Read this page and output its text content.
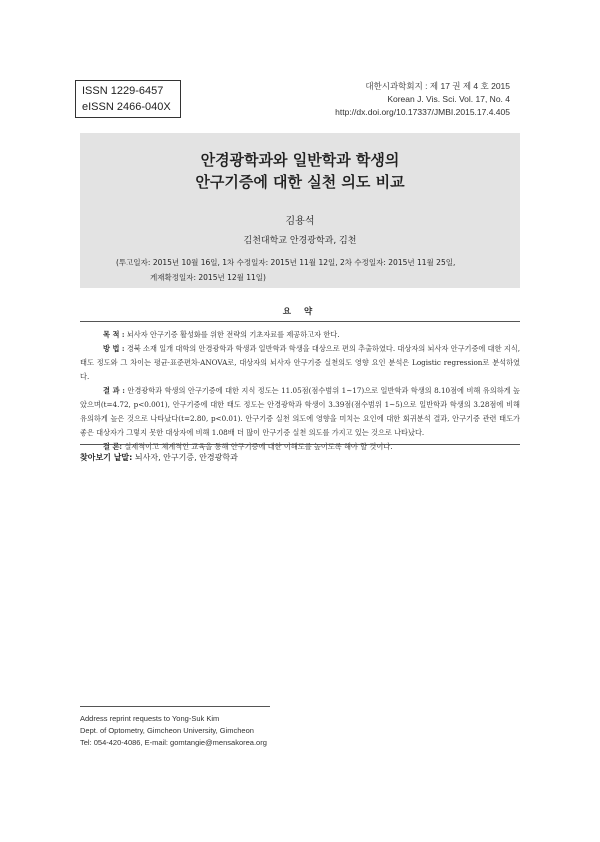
ISSN 1229-6457
eISSN 2466-040X
대한시과학회지 : 제 17 권 제 4 호 2015
Korean J. Vis. Sci. Vol. 17, No. 4
http://dx.doi.org/10.17337/JMBI.2015.17.4.405
안경광학과와 일반학과 학생의
안구기증에 대한 실천 의도 비교
김용석
김천대학교 안경광학과, 김천
(투고일자: 2015년 10월 16일, 1차 수정일자: 2015년 11월 12일, 2차 수정일자: 2015년 11월 25일,
게재확정일자: 2015년 12월 11일)
요 약

목 적 : 뇌사자 안구기증 활성화를 위한 전략의 기초자료를 제공하고자 한다.

방 법 : 경북 소재 일개 대학의 안경광학과 학생과 일반학과 학생을 대상으로 편의 추출하였다. 대상자의 뇌사자 안구기증에 대한 지식, 태도 정도와 그 차이는 평균·표준편차·ANOVA로, 대상자의 뇌사자 안구기증 실천의도 영향 요인 분석은 Logistic regression로 분석하였다.

결 과 : 안경광학과 학생의 안구기증에 대한 지식 정도는 11.05점(점수범위 1~17)으로 일반학과 학생의 8.10점에 비해 유의하게 높았으며(t=4.72, p<0.001), 안구기증에 대한 태도 정도는 안경광학과 학생이 3.39점(점수범위 1~5)으로 일반학과 학생의 3.28점에 비해 유의하게 높은 것으로 나타났다(t=2.80, p<0.01). 안구기증 실천 의도에 영향을 미치는 요인에 대한 회귀분석 결과, 안구기증 관련 태도가 좋은 대상자가 그렇지 못한 대상자에 비해 1.08배 더 많이 안구기증 실천 의도를 가지고 있는 것으로 나타났다.

결 론: 실제적이고 체계적인 교육을 통해 안구기증에 대한 이해도를 높이도록 해야 할 것이다.

찾아보기 낱말: 뇌사자, 안구기증, 안경광학과
Address reprint requests to Yong-Suk Kim
Dept. of Optometry, Gimcheon University, Gimcheon
Tel: 054-420-4086, E-mail: gomtangie@mensakorea.org
